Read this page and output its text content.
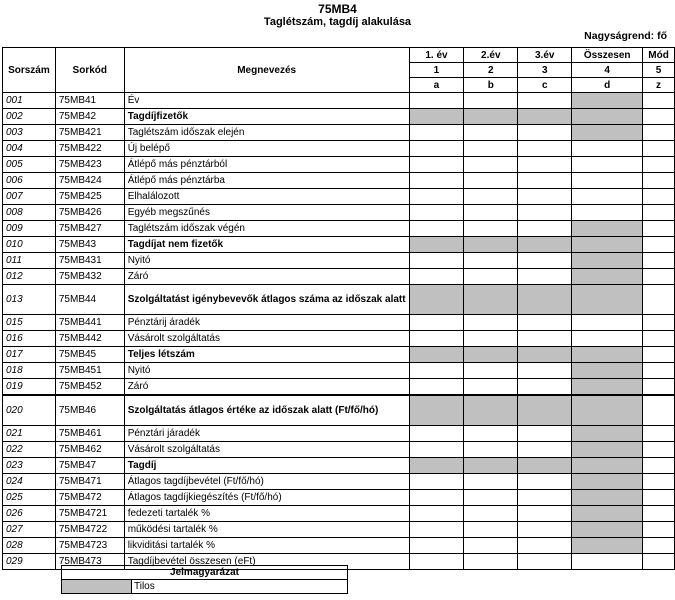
75MB4
Taglétszám, tagdíj alakulása
Nagyságrend: fő
Sorszám	Sorkód	Megnevezés	1. év	2.év	3.év	Összesen	Mód
			1	2	3	4	5
			a	b	c	d	z
001	75MB41	Év					
002	75MB42	Tagdíjfizetők					
003	75MB421	Taglétszám időszak elején					
004	75MB422	Új belépő					
005	75MB423	Átlépő más pénztárból					
006	75MB424	Átlépő más pénztárba					
007	75MB425	Elhalálozott					
008	75MB426	Egyéb megszűnés					
009	75MB427	Taglétszám időszak végén					
010	75MB43	Tagdíjat nem fizetők					
011	75MB431	Nyitó					
012	75MB432	Záró					
013	75MB44	Szolgáltatást igénybevevők átlagos száma az időszak alatt					
015	75MB441	Pénztárij áradék					
016	75MB442	Vásárolt szolgáltatás					
017	75MB45	Teljes létszám					
018	75MB451	Nyitó					
019	75MB452	Záró					
020	75MB46	Szolgáltatás átlagos értéke az időszak alatt (Ft/fő/hó)					
021	75MB461	Pénztári járadék					
022	75MB462	Vásárolt szolgáltatás					
023	75MB47	Tagdíj					
024	75MB471	Átlagos tagdíjbevétel (Ft/fő/hó)					
025	75MB472	Átlagos tagdíjkiegészítés (Ft/fő/hó)					
026	75MB4721	fedezeti tartalék %					
027	75MB4722	működési tartalék %					
028	75MB4723	likviditási tartalék %					
029	75MB473	Tagdíjbevétel összesen (eFt)					
Jelmagyarázat
	Tilos
